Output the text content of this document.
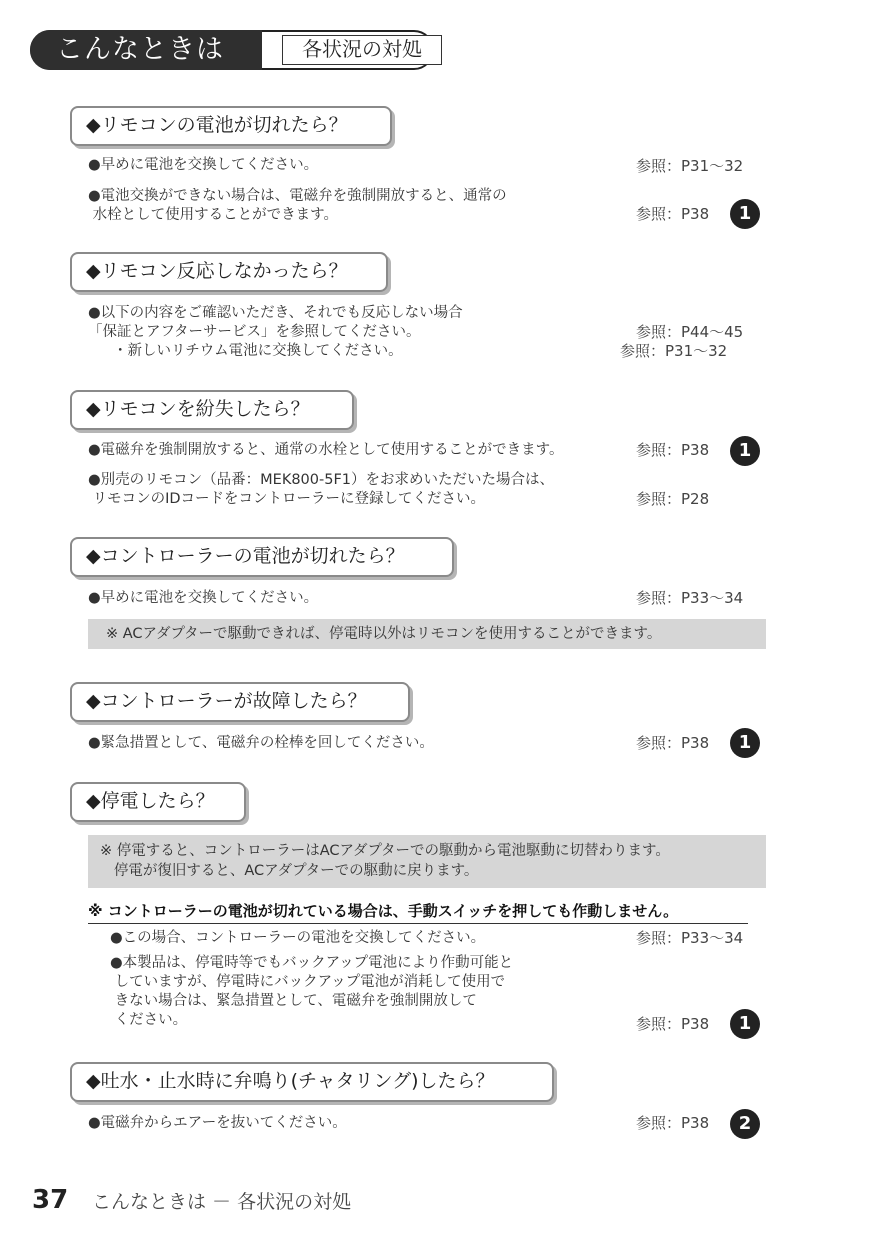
こんなときは	各状況の対処
◆リモコンの電池が切れたら？
●早めに電池を交換してください。	参照：P31〜32
●電池交換ができない場合は、電磁弁を強制開放すると、通常の
水栓として使用することができます。	参照：P38	1
◆リモコン反応しなかったら？
●以下の内容をご確認いただき、それでも反応しない場合
「保証とアフターサービス」を参照してください。	参照：P44〜45
・新しいリチウム電池に交換してください。	参照：P31〜32
◆リモコンを紛失したら？
●電磁弁を強制開放すると、通常の水栓として使用することができます。	参照：P38	1
●別売のリモコン（品番：MEK800-5F1）をお求めいただいた場合は、
リモコンのIDコードをコントローラーに登録してください。	参照：P28
◆コントローラーの電池が切れたら？
●早めに電池を交換してください。	参照：P33〜34
※ ACアダプターで駆動できれば、停電時以外はリモコンを使用することができます。
◆コントローラーが故障したら？
●緊急措置として、電磁弁の栓棒を回してください。	参照：P38	1
◆停電したら？
※ 停電すると、コントローラーはACアダプターでの駆動から電池駆動に切替わります。
停電が復旧すると、ACアダプターでの駆動に戻ります。
※ コントローラーの電池が切れている場合は、手動スイッチを押しても作動しません。
●この場合、コントローラーの電池を交換してください。	参照：P33〜34
●本製品は、停電時等でもバックアップ電池により作動可能と
していますが、停電時にバックアップ電池が消耗して使用で
きない場合は、緊急措置として、電磁弁を強制開放して
ください。	参照：P38	1
◆吐水・止水時に弁鳴り(チャタリング)したら？
●電磁弁からエアーを抜いてください。	参照：P38	2
37 こんなときは － 各状況の対処
